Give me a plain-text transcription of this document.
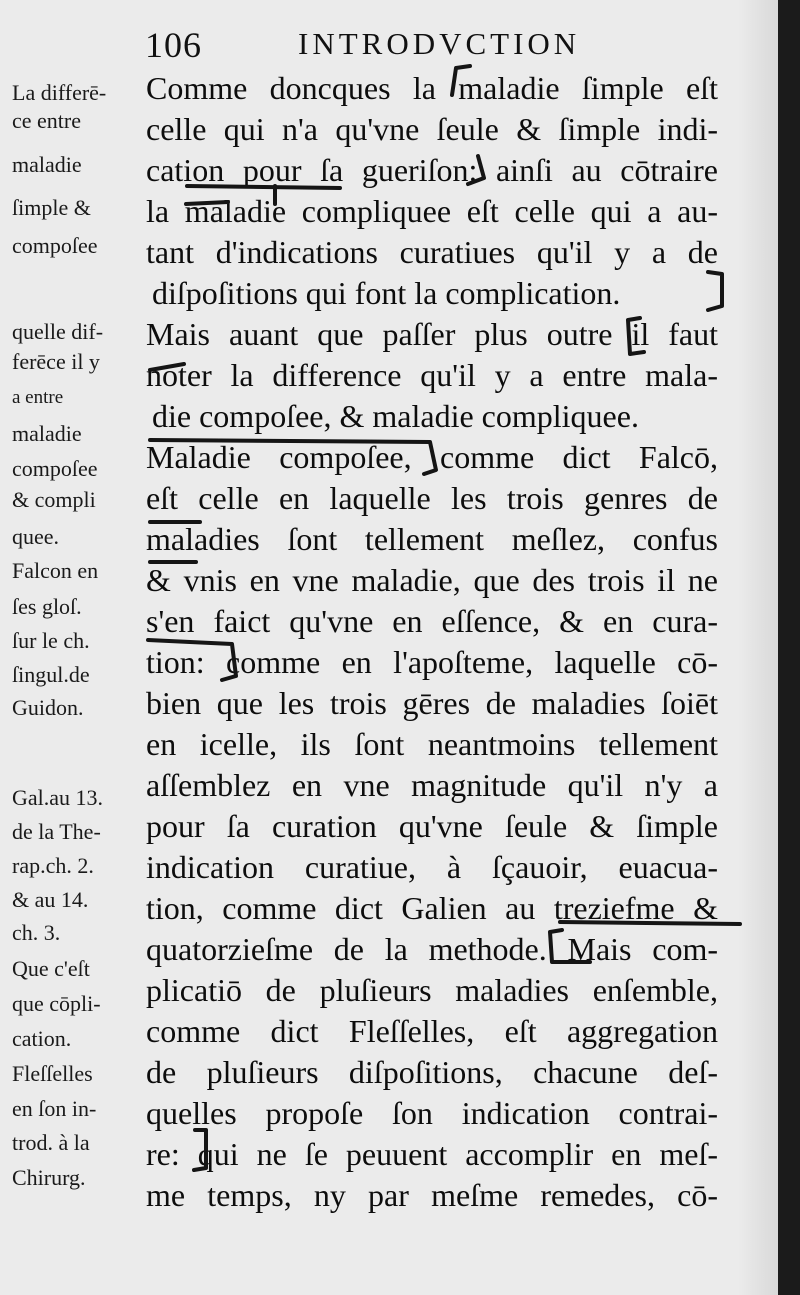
106	INTRODVCTION
La differē-
ce entre
maladie
ſimple &
compoſee
quelle dif-
ferēce il y
a entre
maladie
compoſee
& compli
quee.
Falcon en
ſes gloſ.
ſur le ch.
ſingul.de
Guidon.
Gal.au 13.
de la The-
rap.ch. 2.
& au 14.
ch. 3.
Que c'eſt
que cōpli-
cation.
Fleſſelles
en ſon in-
trod. à la
Chirurg.
Comme doncques la maladie ſimple eſt
celle qui n'a qu'vne ſeule & ſimple indi-
cation pour ſa gueriſon: ainſi au cōtraire
la maladie compliquee eſt celle qui a au-
tant d'indications curatiues qu'il y a de
diſpoſitions qui font la complication.
Mais auant que paſſer plus outre il faut
noter la difference qu'il y a entre mala-
die compoſee, & maladie compliquee.
Maladie compoſee, comme dict Falcō,
eſt celle en laquelle les trois genres de
maladies ſont tellement meſlez, confus
& vnis en vne maladie, que des trois il ne
s'en faict qu'vne en eſſence, & en cura-
tion: comme en l'apoſteme, laquelle cō-
bien que les trois gēres de maladies ſoiēt
en icelle, ils ſont neantmoins tellement
aſſemblez en vne magnitude qu'il n'y a
pour ſa curation qu'vne ſeule & ſimple
indication curatiue, à ſçauoir, euacua-
tion, comme dict Galien au treziefme &
quatorzieſme de la methode. Mais com-
plicatiō de pluſieurs maladies enſemble,
comme dict Fleſſelles, eſt aggregation
de pluſieurs diſpoſitions, chacune deſ-
quelles propoſe ſon indication contrai-
re: qui ne ſe peuuent accomplir en meſ-
me temps, ny par meſme remedes, cō-
